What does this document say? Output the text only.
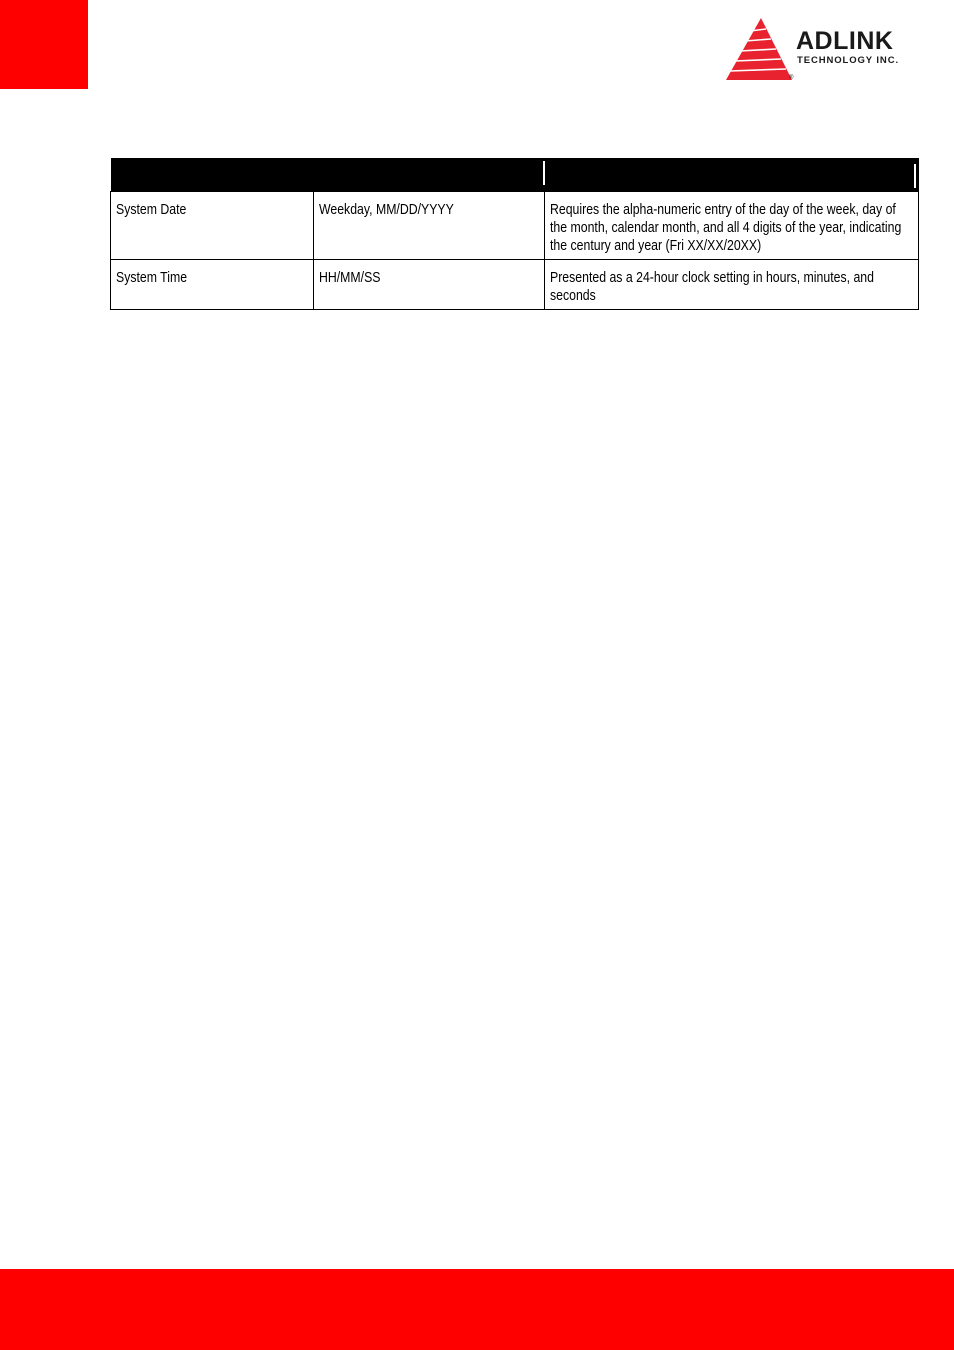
ADLINK
TECHNOLOGY INC.
®

System Date	Weekday, MM/DD/YYYY	Requires the alpha-numeric entry of the day of the week, day of the month, calendar month, and all 4 digits of the year, indicating the century and year (Fri XX/XX/20XX)
System Time	HH/MM/SS	Presented as a 24-hour clock setting in hours, minutes, and seconds
